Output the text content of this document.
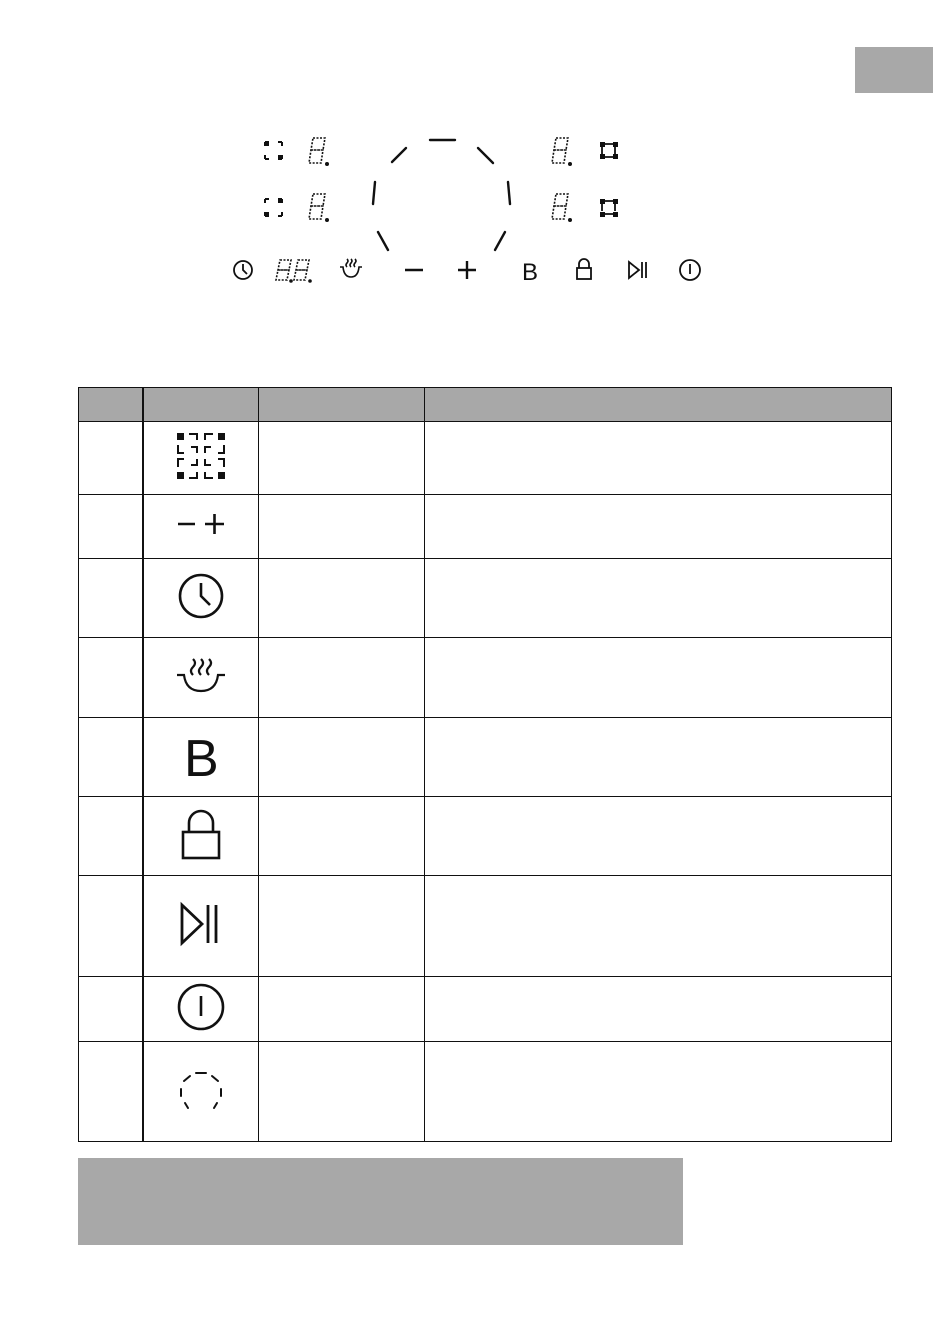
B

B		
